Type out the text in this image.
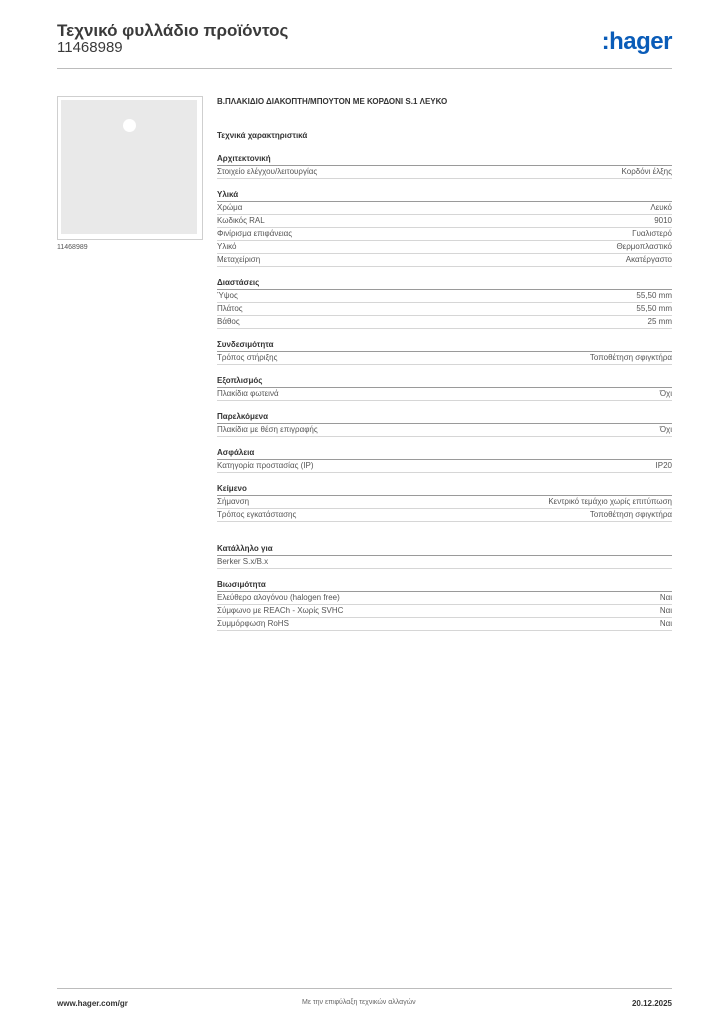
Τεχνικό φυλλάδιο προϊόντος
11468989	:hager
11468989
Β.ΠΛΑΚΙΔΙΟ ΔΙΑΚΟΠΤΗ/ΜΠΟΥΤΟΝ ΜΕ ΚΟΡΔΟΝΙ S.1 ΛΕΥΚΟ
Τεχνικά χαρακτηριστικά
Αρχιτεκτονική
Στοιχείο ελέγχου/λειτουργίας	Κορδόνι έλξης
Υλικά
Χρώμα	Λευκό
Κωδικός RAL	9010
Φινίρισμα επιφάνειας	Γυαλιστερό
Υλικό	Θερμοπλαστικό
Μεταχείριση	Ακατέργαστο
Διαστάσεις
Ύψος	55,50 mm
Πλάτος	55,50 mm
Βάθος	25 mm
Συνδεσιμότητα
Τρόπος στήριξης	Τοποθέτηση σφιγκτήρα
Εξοπλισμός
Πλακίδια φωτεινά	Όχι
Παρελκόμενα
Πλακίδια με θέση επιγραφής	Όχι
Ασφάλεια
Κατηγορία προστασίας (IP)	IP20
Κείμενο
Σήμανση	Κεντρικό τεμάχιο χωρίς επιτύπωση
Τρόπος εγκατάστασης	Τοποθέτηση σφιγκτήρα
Κατάλληλο για
Berker S.x/B.x
Βιωσιμότητα
Ελεύθερο αλογόνου (halogen free)	Ναι
Σύμφωνο με REACh - Χωρίς SVHC	Ναι
Συμμόρφωση RoHS	Ναι
www.hager.com/gr	Με την επιφύλαξη τεχνικών αλλαγών	20.12.2025
